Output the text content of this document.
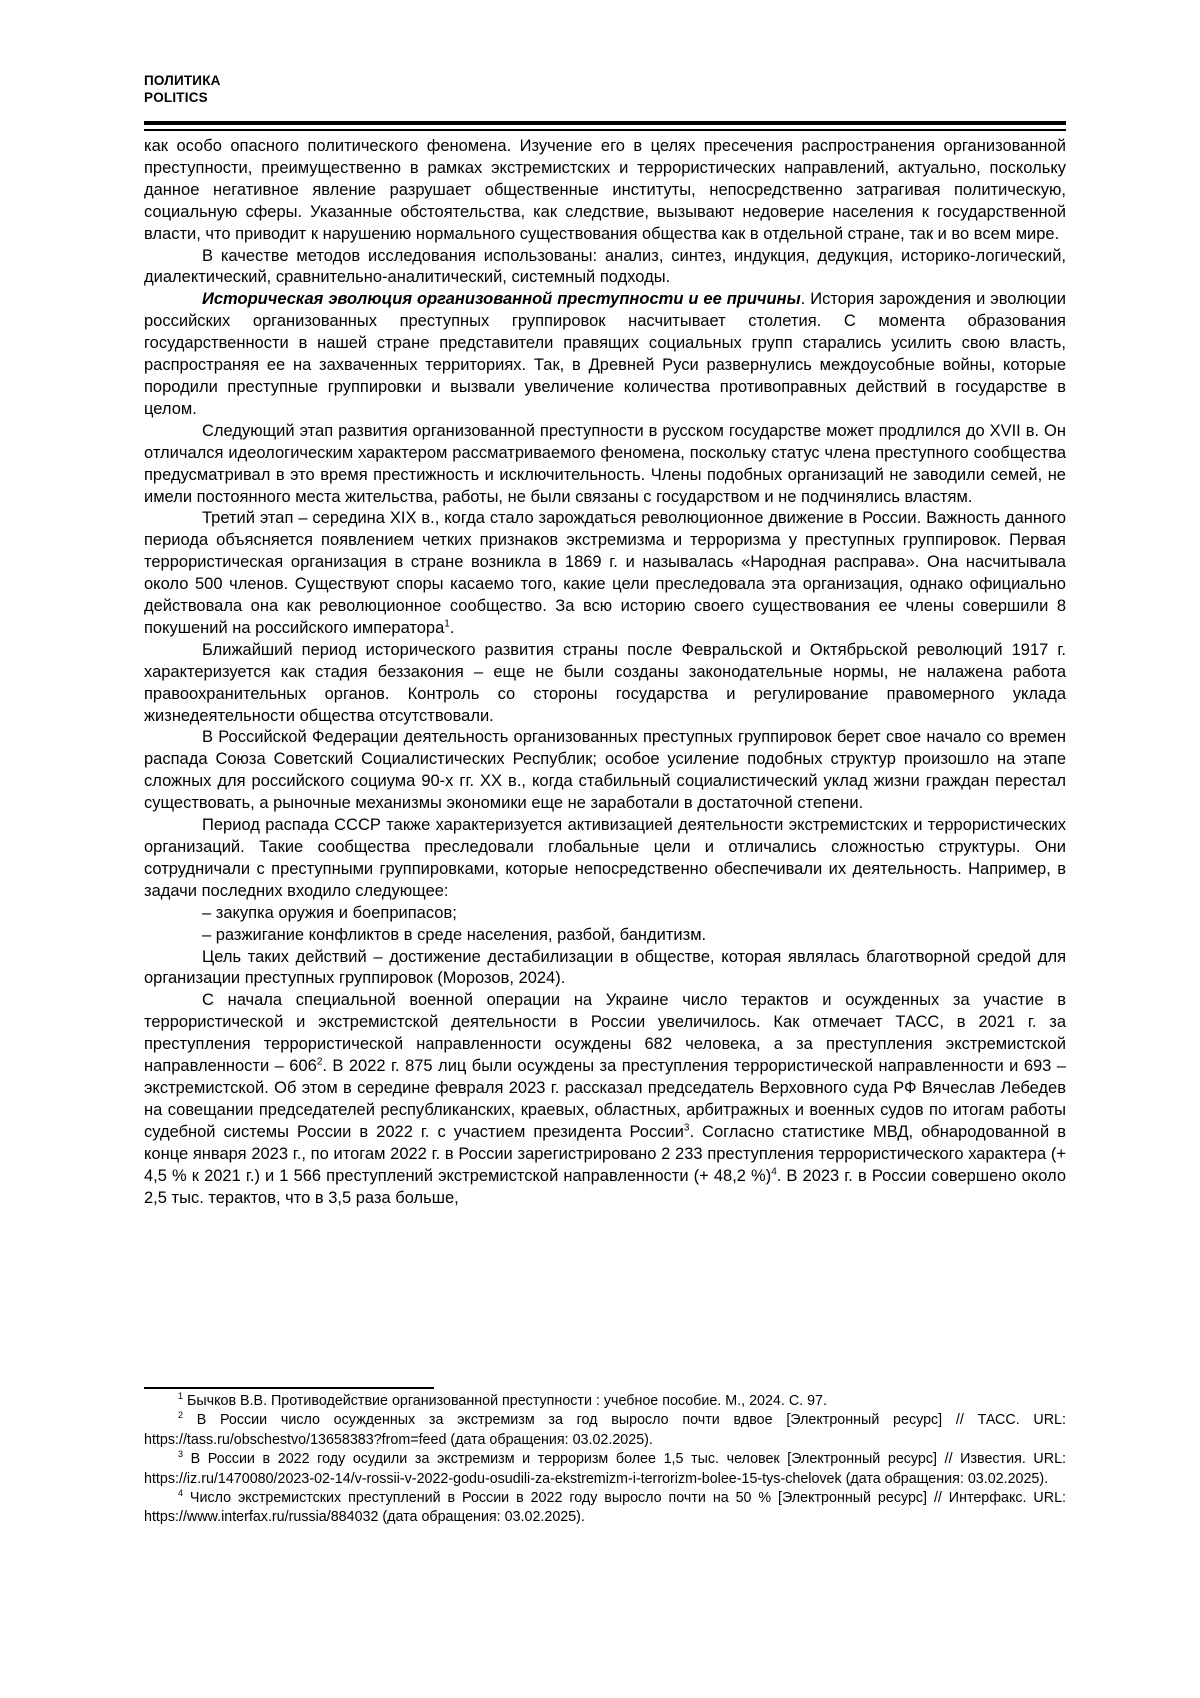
ПОЛИТИКА
POLITICS

как особо опасного политического феномена. Изучение его в целях пресечения распространения организованной преступности, преимущественно в рамках экстремистских и террористических направлений, актуально, поскольку данное негативное явление разрушает общественные институты, непосредственно затрагивая политическую, социальную сферы. Указанные обстоятельства, как следствие, вызывают недоверие населения к государственной власти, что приводит к нарушению нормального существования общества как в отдельной стране, так и во всем мире.

В качестве методов исследования использованы: анализ, синтез, индукция, дедукция, историко-логический, диалектический, сравнительно-аналитический, системный подходы.

Историческая эволюция организованной преступности и ее причины. История зарождения и эволюции российских организованных преступных группировок насчитывает столетия. С момента образования государственности в нашей стране представители правящих социальных групп старались усилить свою власть, распространяя ее на захваченных территориях. Так, в Древней Руси развернулись междоусобные войны, которые породили преступные группировки и вызвали увеличение количества противоправных действий в государстве в целом.

Следующий этап развития организованной преступности в русском государстве может продлился до XVII в. Он отличался идеологическим характером рассматриваемого феномена, поскольку статус члена преступного сообщества предусматривал в это время престижность и исключительность. Члены подобных организаций не заводили семей, не имели постоянного места жительства, работы, не были связаны с государством и не подчинялись властям.

Третий этап – середина XIX в., когда стало зарождаться революционное движение в России. Важность данного периода объясняется появлением четких признаков экстремизма и терроризма у преступных группировок. Первая террористическая организация в стране возникла в 1869 г. и называлась «Народная расправа». Она насчитывала около 500 членов. Существуют споры касаемо того, какие цели преследовала эта организация, однако официально действовала она как революционное сообщество. За всю историю своего существования ее члены совершили 8 покушений на российского императора$^1$.

Ближайший период исторического развития страны после Февральской и Октябрьской революций 1917 г. характеризуется как стадия беззакония – еще не были созданы законодательные нормы, не налажена работа правоохранительных органов. Контроль со стороны государства и регулирование правомерного уклада жизнедеятельности общества отсутствовали.

В Российской Федерации деятельность организованных преступных группировок берет свое начало со времен распада Союза Советский Социалистических Республик; особое усиление подобных структур произошло на этапе сложных для российского социума 90-х гг. XX в., когда стабильный социалистический уклад жизни граждан перестал существовать, а рыночные механизмы экономики еще не заработали в достаточной степени.

Период распада СССР также характеризуется активизацией деятельности экстремистских и террористических организаций. Такие сообщества преследовали глобальные цели и отличались сложностью структуры. Они сотрудничали с преступными группировками, которые непосредственно обеспечивали их деятельность. Например, в задачи последних входило следующее:

– закупка оружия и боеприпасов;

– разжигание конфликтов в среде населения, разбой, бандитизм.

Цель таких действий – достижение дестабилизации в обществе, которая являлась благотворной средой для организации преступных группировок (Морозов, 2024).

С начала специальной военной операции на Украине число терактов и осужденных за участие в террористической и экстремистской деятельности в России увеличилось. Как отмечает ТАСС, в 2021 г. за преступления террористической направленности осуждены 682 человека, а за преступления экстремистской направленности – $606^2$. В 2022 г. 875 лиц были осуждены за преступления террористической направленности и 693 – экстремистской. Об этом в середине февраля 2023 г. рассказал председатель Верховного суда РФ Вячеслав Лебедев на совещании председателей республиканских, краевых, областных, арбитражных и военных судов по итогам работы судебной системы России в 2022 г. с участием президента России$^3$. Согласно статистике МВД, обнародованной в конце января 2023 г., по итогам 2022 г. в России зарегистрировано 2 233 преступления террористического характера (+ 4,5 % к 2021 г.) и 1 566 преступлений экстремистской направленности (+ 48,2 %)$^4$. В 2023 г. в России совершено около 2,5 тыс. терактов, что в 3,5 раза больше,

$^1$ Бычков В.В. Противодействие организованной преступности : учебное пособие. М., 2024. С. 97.

$^2$ В России число осужденных за экстремизм за год выросло почти вдвое [Электронный ресурс] // ТАСС. URL: https://tass.ru/obschestvo/13658383?from=feed (дата обращения: 03.02.2025).

$^3$ В России в 2022 году осудили за экстремизм и терроризм более 1,5 тыс. человек [Электронный ресурс] // Известия. URL: https://iz.ru/1470080/2023-02-14/v-rossii-v-2022-godu-osudili-za-ekstremizm-i-terrorizm-bolee-15-tys-chelovek (дата обращения: 03.02.2025).

$^4$ Число экстремистских преступлений в России в 2022 году выросло почти на 50 % [Электронный ресурс] // Интерфакс. URL: https://www.interfax.ru/russia/884032 (дата обращения: 03.02.2025).
